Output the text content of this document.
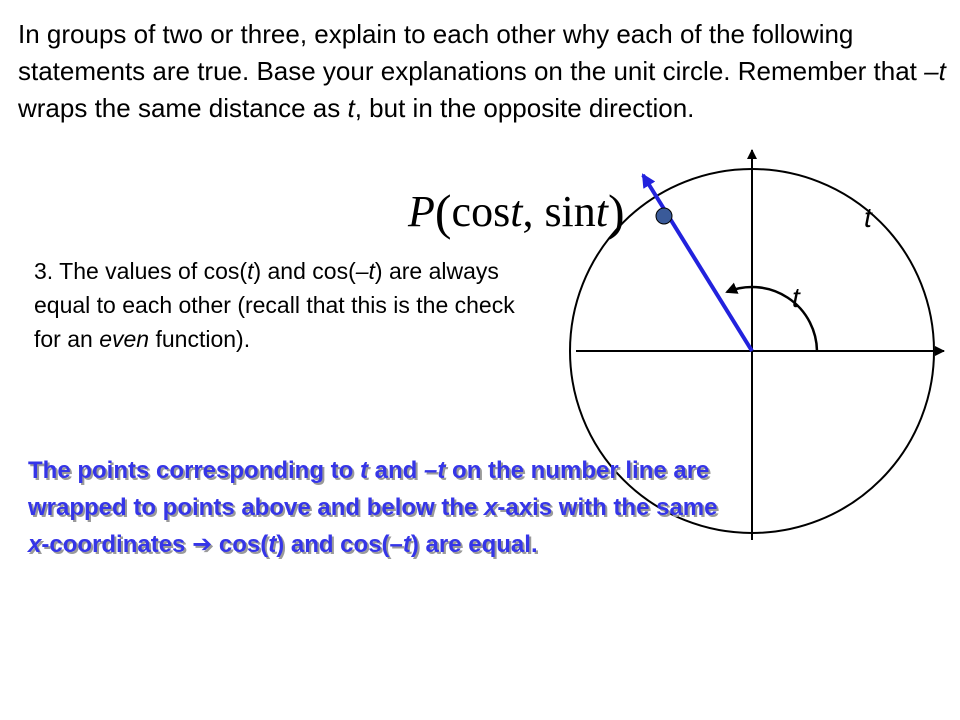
In groups of two or three, explain to each other why each of the following statements are true. Base your explanations on the unit circle. Remember that –t wraps the same distance as t, but in the opposite direction.

P(cost, sint)	t
t

3. The values of cos(t) and cos(–t) are always equal to each other (recall that this is the check for an even function).

The points corresponding to t and –t on the number line are wrapped to points above and below the x-axis with the same
x-coordinates ➔ cos(t) and cos(–t) are equal.
